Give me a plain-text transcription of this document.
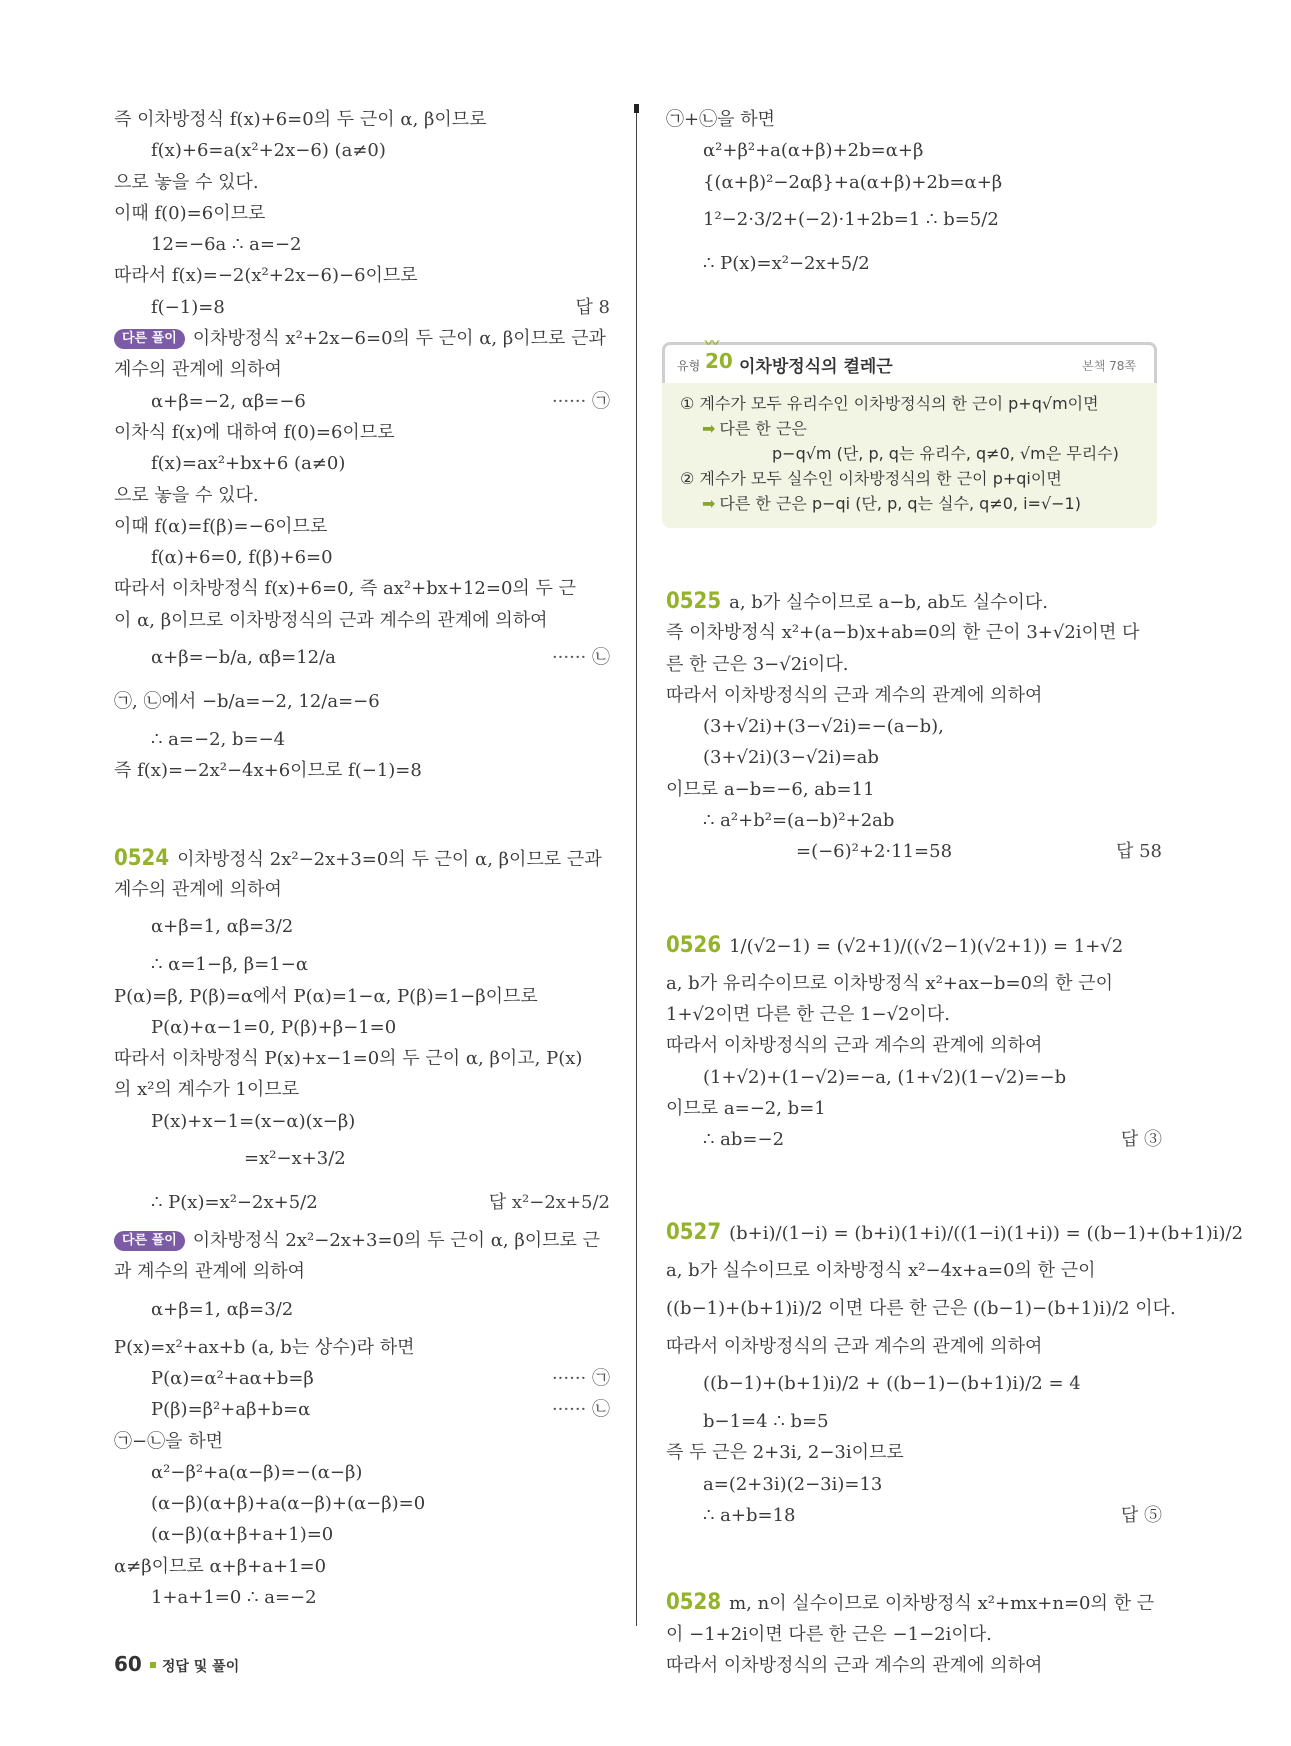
즉 이차방정식 f(x)+6=0의 두 근이 α, β이므로
f(x)+6=a(x²+2x−6) (a≠0)
으로 놓을 수 있다.
이때 f(0)=6이므로
12=−6a ∴ a=−2
따라서 f(x)=−2(x²+2x−6)−6이므로
f(−1)=8	답 8
다른 풀이 이차방정식 x²+2x−6=0의 두 근이 α, β이므로 근과
계수의 관계에 의하여
α+β=−2, αβ=−6	······ ㉠
이차식 f(x)에 대하여 f(0)=6이므로
f(x)=ax²+bx+6 (a≠0)
으로 놓을 수 있다.
이때 f(α)=f(β)=−6이므로
f(α)+6=0, f(β)+6=0
따라서 이차방정식 f(x)+6=0, 즉 ax²+bx+12=0의 두 근
이 α, β이므로 이차방정식의 근과 계수의 관계에 의하여
α+β=−b/a, αβ=12/a	······ ㉡
㉠, ㉡에서 −b/a=−2, 12/a=−6
∴ a=−2, b=−4
즉 f(x)=−2x²−4x+6이므로 f(−1)=8
0524 이차방정식 2x²−2x+3=0의 두 근이 α, β이므로 근과
계수의 관계에 의하여
α+β=1, αβ=3/2
∴ α=1−β, β=1−α
P(α)=β, P(β)=α에서 P(α)=1−α, P(β)=1−β이므로
P(α)+α−1=0, P(β)+β−1=0
따라서 이차방정식 P(x)+x−1=0의 두 근이 α, β이고, P(x)
의 x²의 계수가 1이므로
P(x)+x−1=(x−α)(x−β)
=x²−x+3/2
∴ P(x)=x²−2x+5/2	답 x²−2x+5/2
다른 풀이 이차방정식 2x²−2x+3=0의 두 근이 α, β이므로 근
과 계수의 관계에 의하여
α+β=1, αβ=3/2
P(x)=x²+ax+b (a, b는 상수)라 하면
P(α)=α²+aα+b=β	······ ㉠
P(β)=β²+aβ+b=α	······ ㉡
㉠−㉡을 하면
α²−β²+a(α−β)=−(α−β)
(α−β)(α+β)+a(α−β)+(α−β)=0
(α−β)(α+β+a+1)=0
α≠β이므로 α+β+a+1=0
1+a+1=0 ∴ a=−2
㉠+㉡을 하면
α²+β²+a(α+β)+2b=α+β
{(α+β)²−2αβ}+a(α+β)+2b=α+β
1²−2·3/2+(−2)·1+2b=1 ∴ b=5/2
∴ P(x)=x²−2x+5/2
〰
유형 20 이차방정식의 켤레근	본책 78쪽
① 계수가 모두 유리수인 이차방정식의 한 근이 p+q√m이면
➡ 다른 한 근은
p−q√m (단, p, q는 유리수, q≠0, √m은 무리수)
② 계수가 모두 실수인 이차방정식의 한 근이 p+qi이면
➡ 다른 한 근은 p−qi (단, p, q는 실수, q≠0, i=√−1)
0525 a, b가 실수이므로 a−b, ab도 실수이다.
즉 이차방정식 x²+(a−b)x+ab=0의 한 근이 3+√2i이면 다
른 한 근은 3−√2i이다.
따라서 이차방정식의 근과 계수의 관계에 의하여
(3+√2i)+(3−√2i)=−(a−b),
(3+√2i)(3−√2i)=ab
이므로 a−b=−6, ab=11
∴ a²+b²=(a−b)²+2ab
=(−6)²+2·11=58	답 58
0526 1/(√2−1) = (√2+1)/((√2−1)(√2+1)) = 1+√2
a, b가 유리수이므로 이차방정식 x²+ax−b=0의 한 근이
1+√2이면 다른 한 근은 1−√2이다.
따라서 이차방정식의 근과 계수의 관계에 의하여
(1+√2)+(1−√2)=−a, (1+√2)(1−√2)=−b
이므로 a=−2, b=1
∴ ab=−2	답 ③
0527 (b+i)/(1−i) = (b+i)(1+i)/((1−i)(1+i)) = ((b−1)+(b+1)i)/2
a, b가 실수이므로 이차방정식 x²−4x+a=0의 한 근이
((b−1)+(b+1)i)/2 이면 다른 한 근은 ((b−1)−(b+1)i)/2 이다.
따라서 이차방정식의 근과 계수의 관계에 의하여
((b−1)+(b+1)i)/2 + ((b−1)−(b+1)i)/2 = 4
b−1=4 ∴ b=5
즉 두 근은 2+3i, 2−3i이므로
a=(2+3i)(2−3i)=13
∴ a+b=18	답 ⑤
0528 m, n이 실수이므로 이차방정식 x²+mx+n=0의 한 근
이 −1+2i이면 다른 한 근은 −1−2i이다.
따라서 이차방정식의 근과 계수의 관계에 의하여
60 정답 및 풀이
